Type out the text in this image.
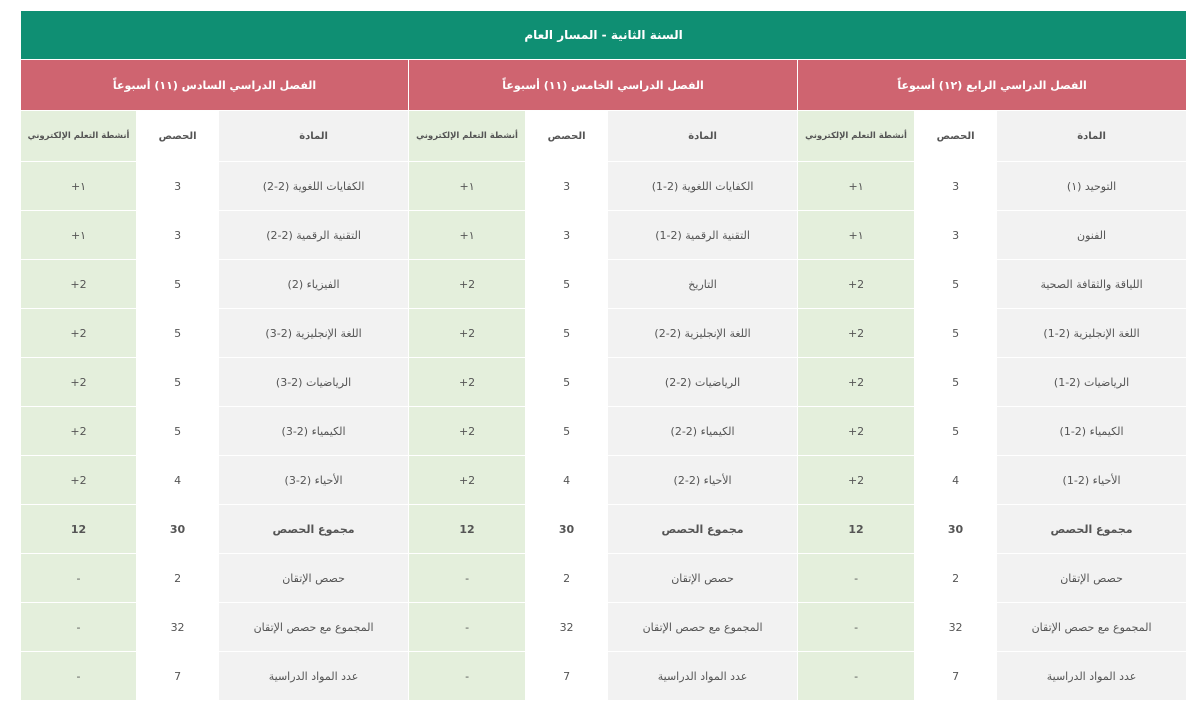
السنة الثانية - المسار العام								
الفصل الدراسي الرابع (١٢) أسبوعاً			الفصل الدراسي الخامس (١١) أسبوعاً			الفصل الدراسي السادس (١١) أسبوعاً		
المادة	الحصص	أنشطة التعلم الإلكتروني	المادة	الحصص	أنشطة التعلم الإلكتروني	المادة	الحصص	أنشطة التعلم الإلكتروني
التوحيد (١)	3	١+	الكفايات اللغوية (2-1)	3	١+	الكفايات اللغوية (2-2)	3	١+
الفنون	3	١+	التقنية الرقمية (2-1)	3	١+	التقنية الرقمية (2-2)	3	١+
اللياقة والثقافة الصحية	5	2+	التاريخ	5	2+	الفيزياء (2)	5	2+
اللغة الإنجليزية (2-1)	5	2+	اللغة الإنجليزية (2-2)	5	2+	اللغة الإنجليزية (2-3)	5	2+
الرياضيات (2-1)	5	2+	الرياضيات (2-2)	5	2+	الرياضيات (2-3)	5	2+
الكيمياء (2-1)	5	2+	الكيمياء (2-2)	5	2+	الكيمياء (2-3)	5	2+
الأحياء (2-1)	4	2+	الأحياء (2-2)	4	2+	الأحياء (2-3)	4	2+
مجموع الحصص	30	12	مجموع الحصص	30	12	مجموع الحصص	30	12
حصص الإتقان	2	-	حصص الإتقان	2	-	حصص الإتقان	2	-
المجموع مع حصص الإتقان	32	-	المجموع مع حصص الإتقان	32	-	المجموع مع حصص الإتقان	32	-
عدد المواد الدراسية	7	-	عدد المواد الدراسية	7	-	عدد المواد الدراسية	7	-
